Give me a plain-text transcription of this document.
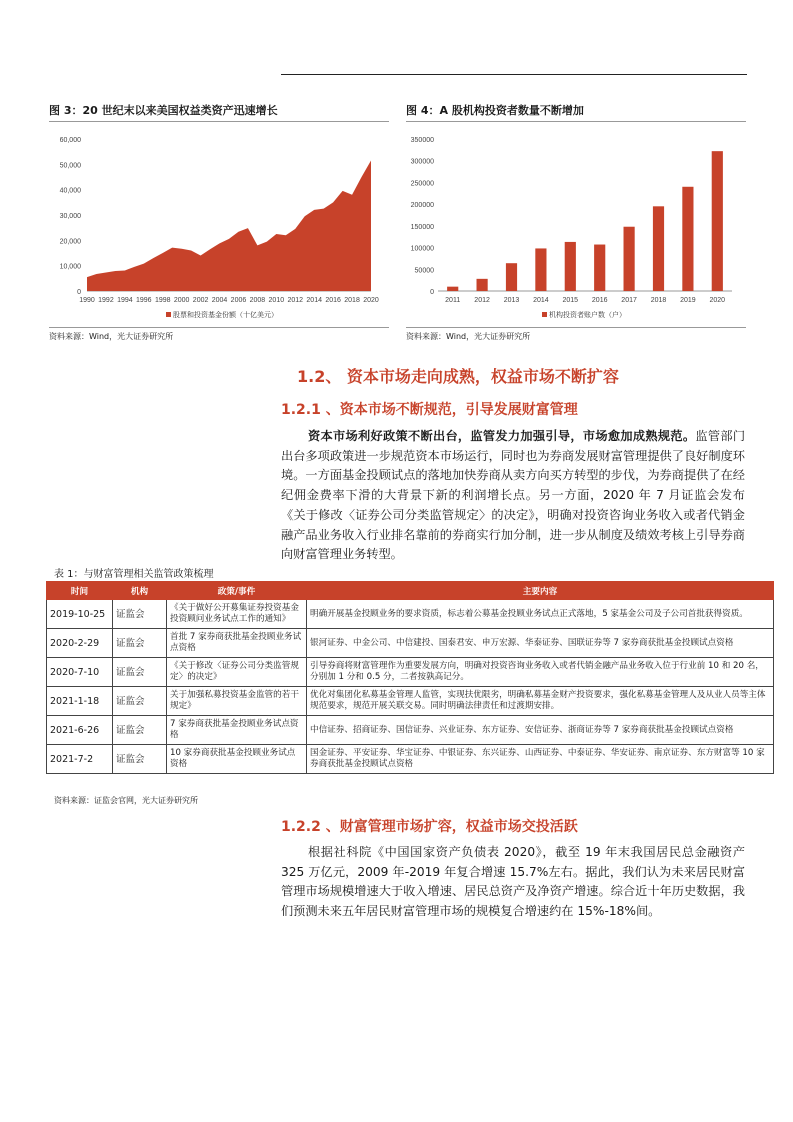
图 3：20 世纪末以来美国权益类资产迅速增长
0
10,000
20,000
30,000
40,000
50,000
60,000
1990 1992 1994 1996 1998 2000 2002 2004 2006 2008 2010 2012 2014 2016 2018 2020
股票和投资基金份额（十亿美元）
资料来源：Wind，光大证券研究所
图 4：A 股机构投资者数量不断增加
0
50000
100000
150000
200000
250000
300000
350000
2011 2012 2013 2014 2015 2016 2017 2018 2019 2020
机构投资者账户数（户）
资料来源：Wind，光大证券研究所
1.2、 资本市场走向成熟，权益市场不断扩容
1.2.1 、资本市场不断规范，引导发展财富管理
资本市场利好政策不断出台，监管发力加强引导，市场愈加成熟规范。监管部门出台多项政策进一步规范资本市场运行，同时也为券商发展财富管理提供了良好制度环境。一方面基金投顾试点的落地加快券商从卖方向买方转型的步伐，为券商提供了在经纪佣金费率下滑的大背景下新的利润增长点。另一方面，2020 年 7 月证监会发布《关于修改〈证券公司分类监管规定〉的决定》，明确对投资咨询业务收入或者代销金融产品业务收入行业排名靠前的券商实行加分制，进一步从制度及绩效考核上引导券商向财富管理业务转型。
表 1：与财富管理相关监管政策梳理
时间	机构	政策/事件	主要内容
2019-10-25	证监会	《关于做好公开募集证券投资基金投资顾问业务试点工作的通知》	明确开展基金投顾业务的要求资质，标志着公募基金投顾业务试点正式落地，5 家基金公司及子公司首批获得资质。
2020-2-29	证监会	首批 7 家券商获批基金投顾业务试点资格	银河证券、中金公司、中信建投、国泰君安、申万宏源、华泰证券、国联证券等 7 家券商获批基金投顾试点资格
2020-7-10	证监会	《关于修改〈证券公司分类监管规定〉的决定》	引导券商将财富管理作为重要发展方向，明确对投资咨询业务收入或者代销金融产品业务收入位于行业前 10 和 20 名，分别加 1 分和 0.5 分，二者按孰高记分。
2021-1-18	证监会	关于加强私募投资基金监管的若干规定》	优化对集团化私募基金管理人监管，实现扶优限劣，明确私募基金财产投资要求，强化私募基金管理人及从业人员等主体规范要求，规范开展关联交易。同时明确法律责任和过渡期安排。
2021-6-26	证监会	7 家券商获批基金投顾业务试点资格	中信证券、招商证券、国信证券、兴业证券、东方证券、安信证券、浙商证券等 7 家券商获批基金投顾试点资格
2021-7-2	证监会	10 家券商获批基金投顾业务试点资格	国金证券、平安证券、华宝证券、中银证券、东兴证券、山西证券、中泰证券、华安证券、南京证券、东方财富等 10 家券商获批基金投顾试点资格
资料来源：证监会官网，光大证券研究所
1.2.2 、财富管理市场扩容，权益市场交投活跃
根据社科院《中国国家资产负债表 2020》，截至 19 年末我国居民总金融资产 325 万亿元，2009 年-2019 年复合增速 15.7%左右。据此，我们认为未来居民财富管理市场规模增速大于收入增速、居民总资产及净资产增速。综合近十年历史数据，我们预测未来五年居民财富管理市场的规模复合增速约在 15%-18%间。
